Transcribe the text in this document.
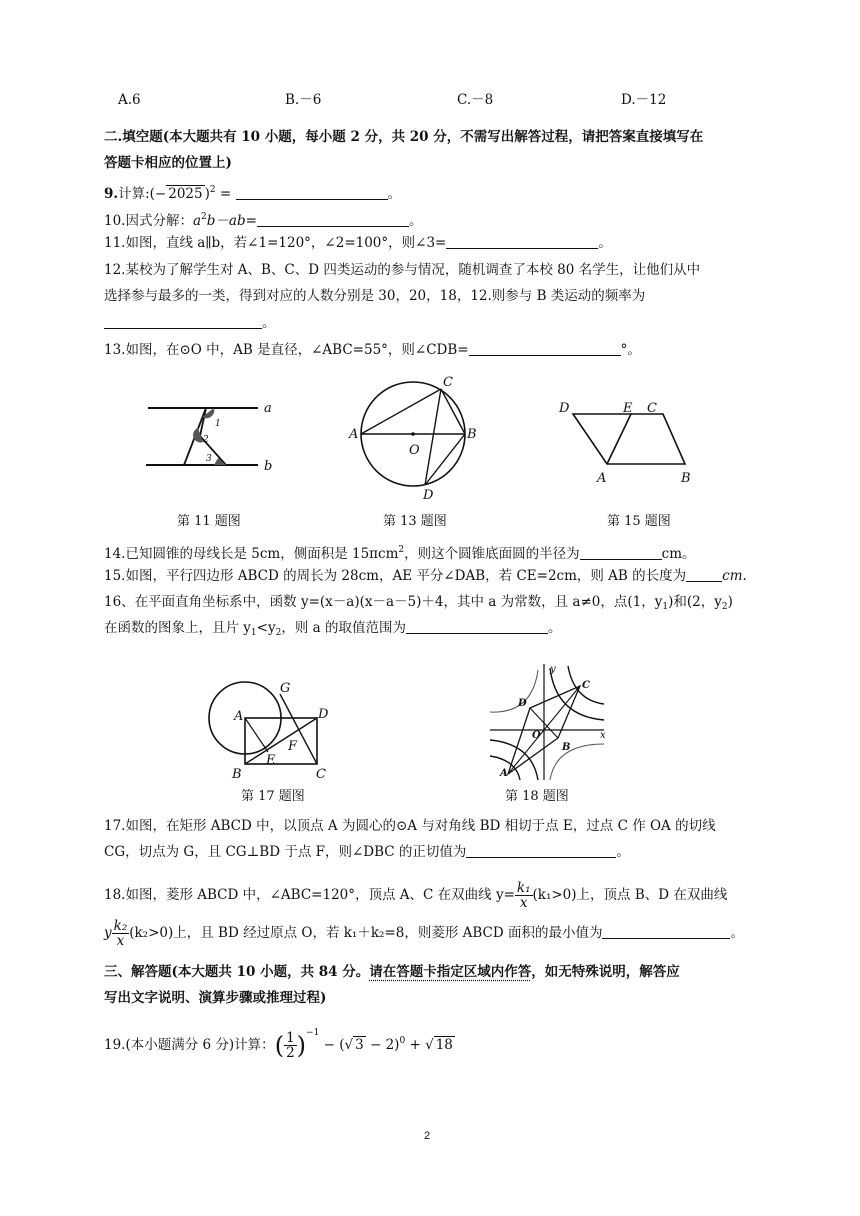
A.6	B.－6	C.－8	D.－12
二.填空题(本大题共有 10 小题，每小题 2 分，共 20 分，不需写出解答过程，请把答案直接填写在
答题卡相应的位置上)
9.计算:(− 2025 )$^2$ =	。
10.因式分解：$a^2b-ab=$	。
11.如图，直线 a∥b，若∠1=120°，∠2=100°，则∠3=	。
12.某校为了解学生对 A、B、C、D 四类运动的参与情况，随机调查了本校 80 名学生，让他们从中
选择参与最多的一类，得到对应的人数分别是 30，20，18，12.则参与 B 类运动的频率为
。
13.如图，在⊙O 中，AB 是直径，∠ABC=55°，则∠CDB=	°。
a
b
1
2
3
A	B
C
D
O
D	E C
A	B
第 11 题图	第 13 题图	第 15 题图
14.已知圆锥的母线长是 5cm，侧面积是 15πcm$^2$，则这个圆锥底面圆的半径为	cm。
15.如图，平行四边形 ABCD 的周长为 28cm，AE 平分∠DAB，若 CE=2cm，则 AB 的长度为	cm.
16、在平面直角坐标系中，函数 y=(x－a)(x－a－5)＋4，其中 a 为常数，且 a≠0，点(1，$y_1$)和(2，$y_2$)
在函数的图象上，且片 $y_1<y_2$，则 a 的取值范围为	。
A
G
D
F
E
B	C
y
x
C
D
O
B
A
第 17 题图	第 18 题图
17.如图，在矩形 ABCD 中，以顶点 A 为圆心的⊙A 与对角线 BD 相切于点 E，过点 C 作 OA 的切线
CG，切点为 G，且 CG⊥BD 于点 F，则∠DBC 的正切值为	。
18.如图，菱形 ABCD 中，∠ABC=120°，顶点 A、C 在双曲线 $y= \frac{\text{k₁}}{x} (k_1>0)$上，顶点 B、D 在双曲线
y $\frac{\text{k₂}}{x} (k_2>0)$上，且 BD 经过原点 O，若 k₁＋k₂=8，则菱形 ABCD 面积的最小值为	。
三、解答题(本大题共 10 小题，共 84 分。请在答题卡指定区域内作答，如无特殊说明，解答应
写出文字说明、演算步骤或推理过程)
19.(本小题满分 6 分)计算：( $\frac{1}{2} )^{-1}$ − (√ 3 − 2)$^0$ + √ 18
2
